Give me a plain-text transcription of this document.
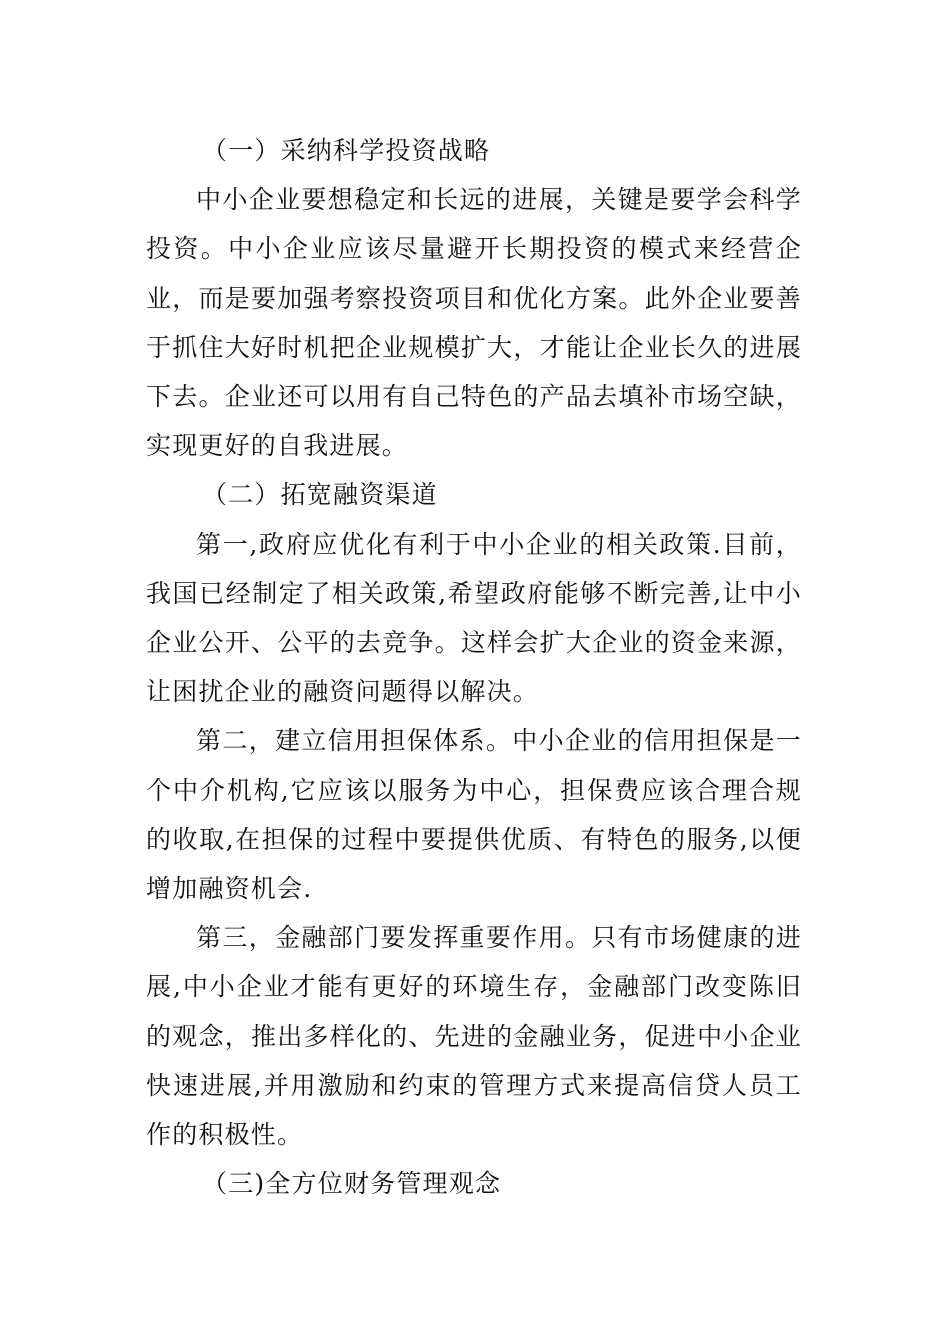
（一）采纳科学投资战略

中小企业要想稳定和长远的进展，关键是要学会科学投资。中小企业应该尽量避开长期投资的模式来经营企业，而是要加强考察投资项目和优化方案。此外企业要善于抓住大好时机把企业规模扩大，才能让企业长久的进展下去。企业还可以用有自己特色的产品去填补市场空缺，实现更好的自我进展。

（二）拓宽融资渠道

第一,政府应优化有利于中小企业的相关政策.目前，我国已经制定了相关政策,希望政府能够不断完善,让中小企业公开、公平的去竞争。这样会扩大企业的资金来源，让困扰企业的融资问题得以解决。

第二，建立信用担保体系。中小企业的信用担保是一个中介机构,它应该以服务为中心，担保费应该合理合规的收取,在担保的过程中要提供优质、有特色的服务,以便增加融资机会.

第三，金融部门要发挥重要作用。只有市场健康的进展,中小企业才能有更好的环境生存，金融部门改变陈旧的观念，推出多样化的、先进的金融业务，促进中小企业快速进展,并用激励和约束的管理方式来提高信贷人员工作的积极性。

（三)全方位财务管理观念
